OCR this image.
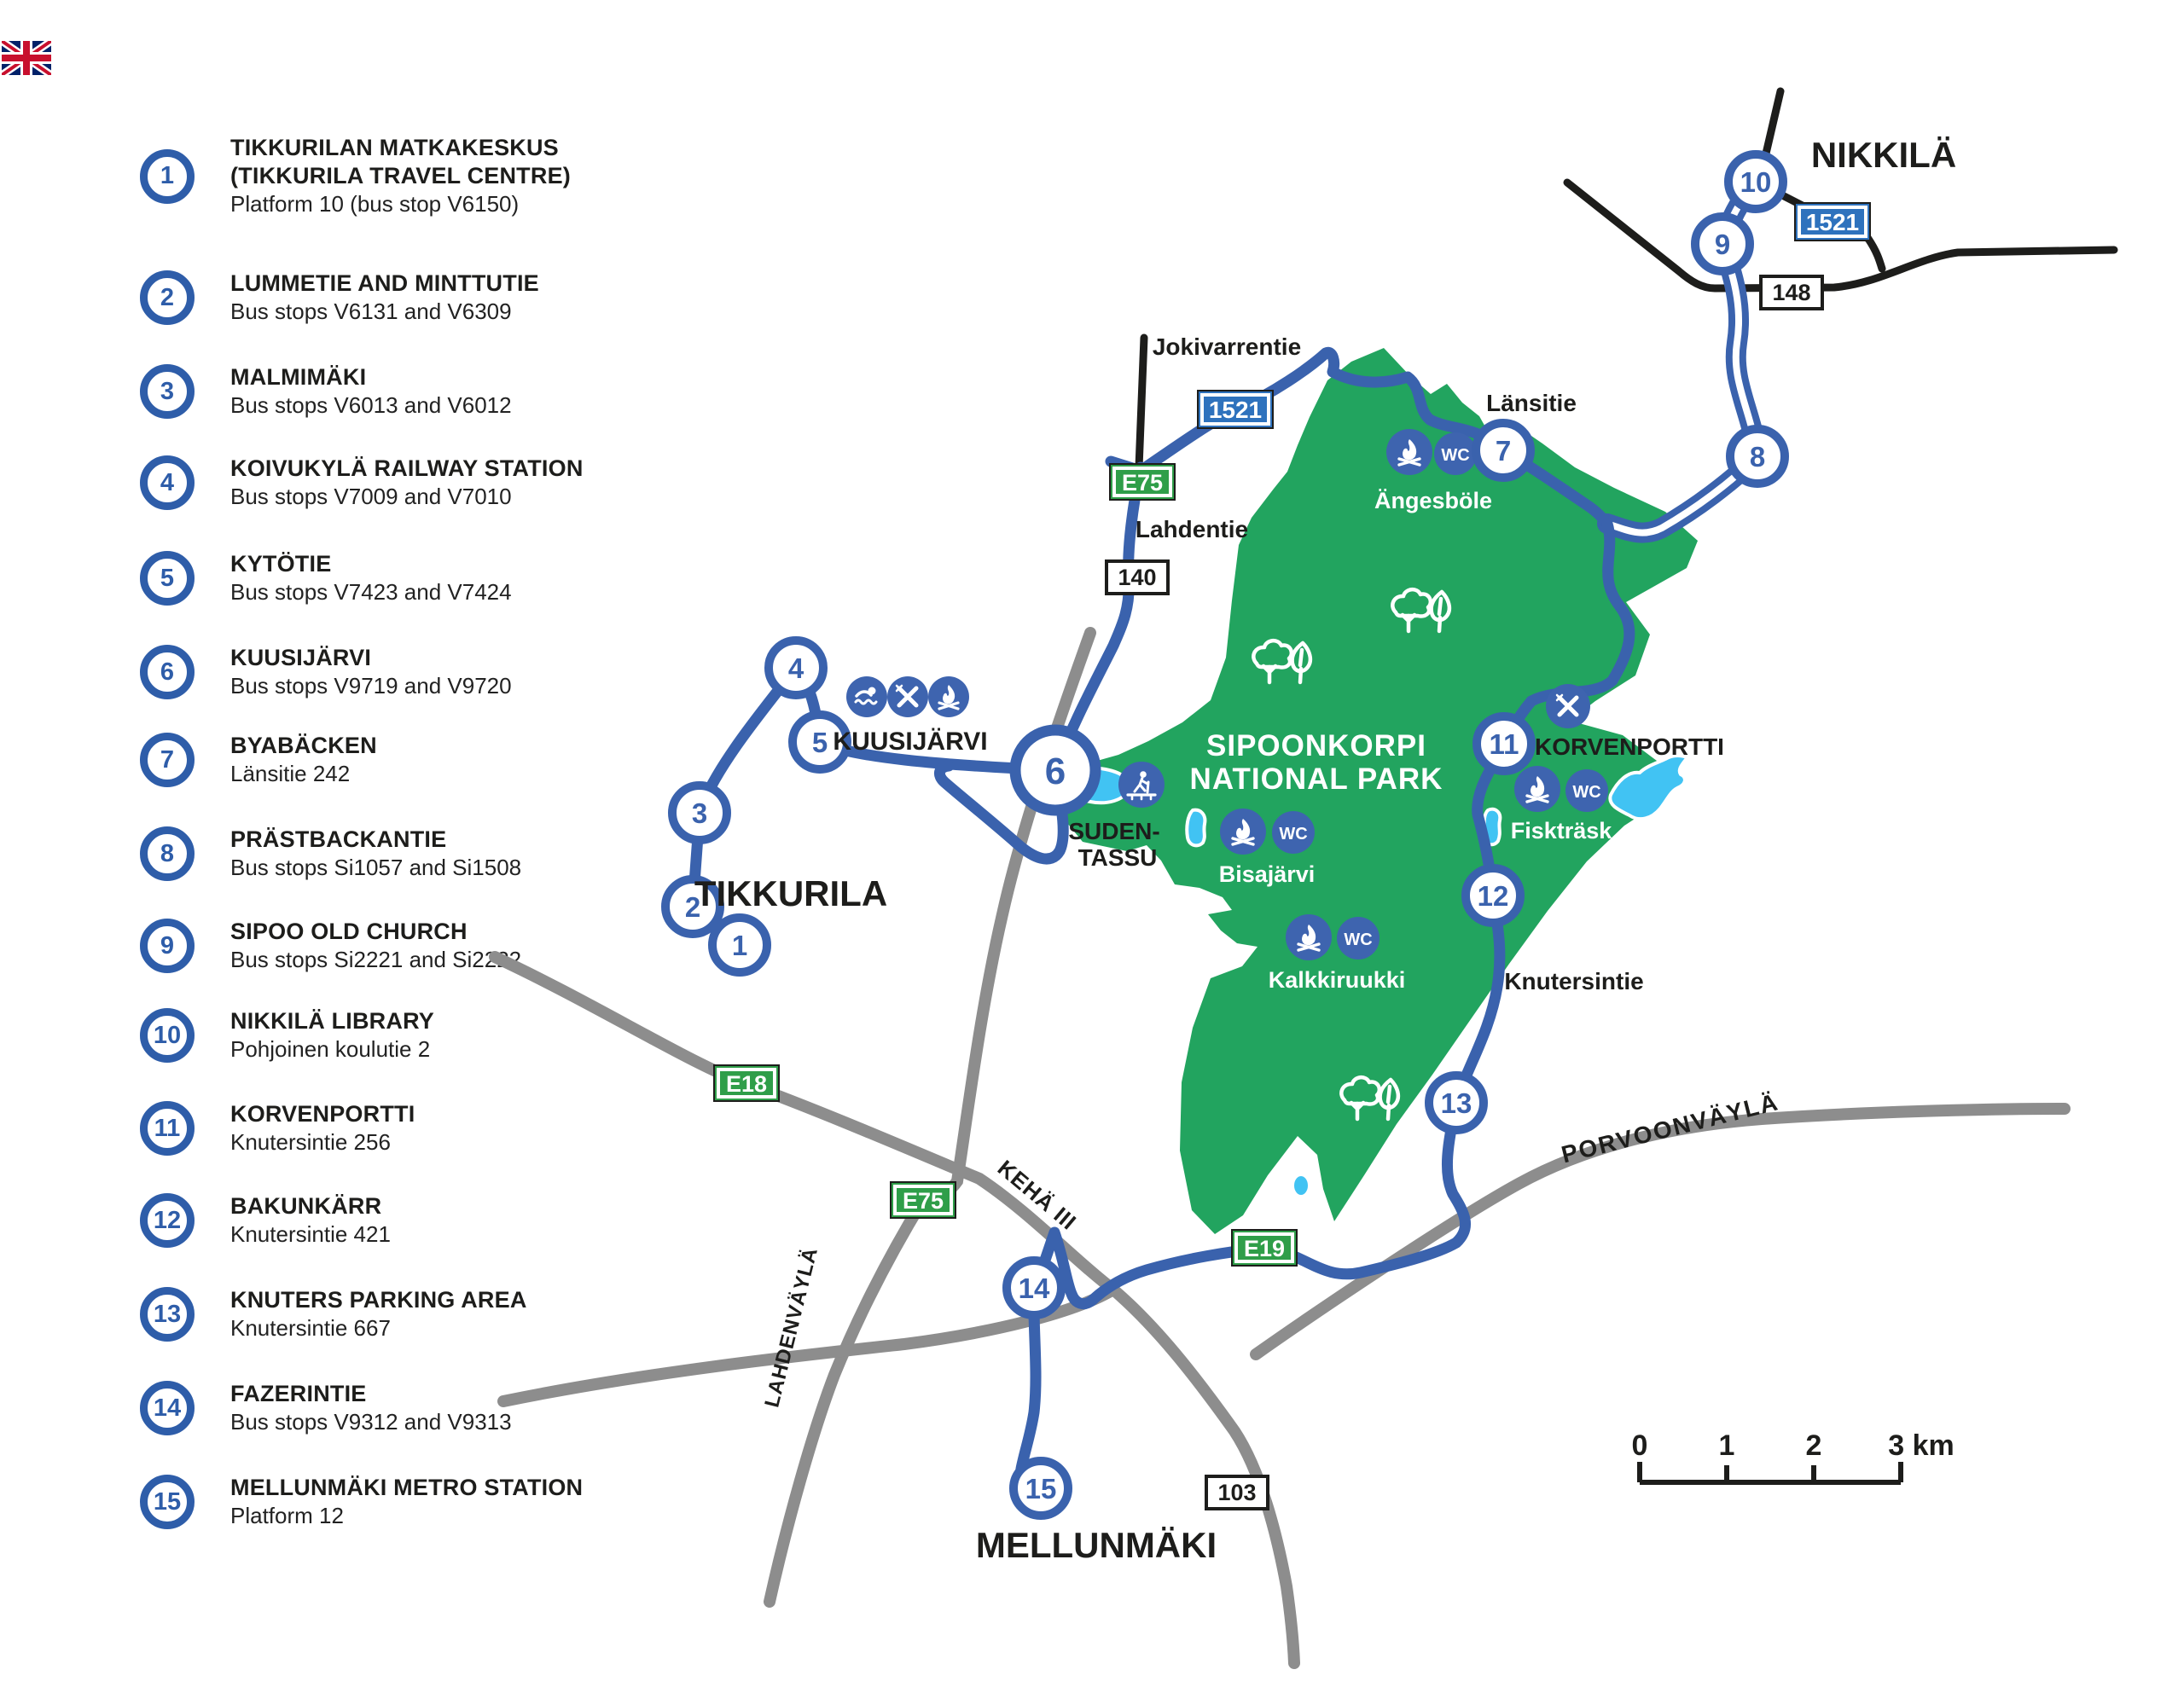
1
TIKKURILAN MATKAKESKUS
(TIKKURILA TRAVEL CENTRE)
Platform 10 (bus stop V6150)
2
LUMMETIE AND MINTTUTIE
Bus stops V6131 and V6309
3
MALMIMÄKI
Bus stops V6013 and V6012
4
KOIVUKYLÄ RAILWAY STATION
Bus stops V7009 and V7010
5
KYTÖTIE
Bus stops V7423 and V7424
6
KUUSIJÄRVI
Bus stops V9719 and V9720
7
BYABÄCKEN
Länsitie 242
8
PRÄSTBACKANTIE
Bus stops Si1057 and Si1508
9
SIPOO OLD CHURCH
Bus stops Si2221 and Si2222
10
NIKKILÄ LIBRARY
Pohjoinen koulutie 2
11
KORVENPORTTI
Knutersintie 256
12
BAKUNKÄRR
Knutersintie 421
13
KNUTERS PARKING AREA
Knutersintie 667
14
FAZERINTIE
Bus stops V9312 and V9313
15
MELLUNMÄKI METRO STATION
Platform 12
1521
1521
148
140
103
E75
E18
E75
E19
WC
WC
WC
WC
1
2
3
4
5
6
7	8
9
10
11
12
13
14
15
NIKKILÄ
TIKKURILA
MELLUNMÄKI
KUUSIJÄRVI
SUDEN-
TASSU
Jokivarrentie
Lahdentie
Länsitie
KORVENPORTTI
Knutersintie
PORVOONVÄYLÄ
KEHÄ III
LAHDENVÄYLÄ
SIPOONKORPI
NATIONAL PARK
Ängesböle
Bisajärvi
Kalkkiruukki
Fiskträsk
0 1 2 3 km
